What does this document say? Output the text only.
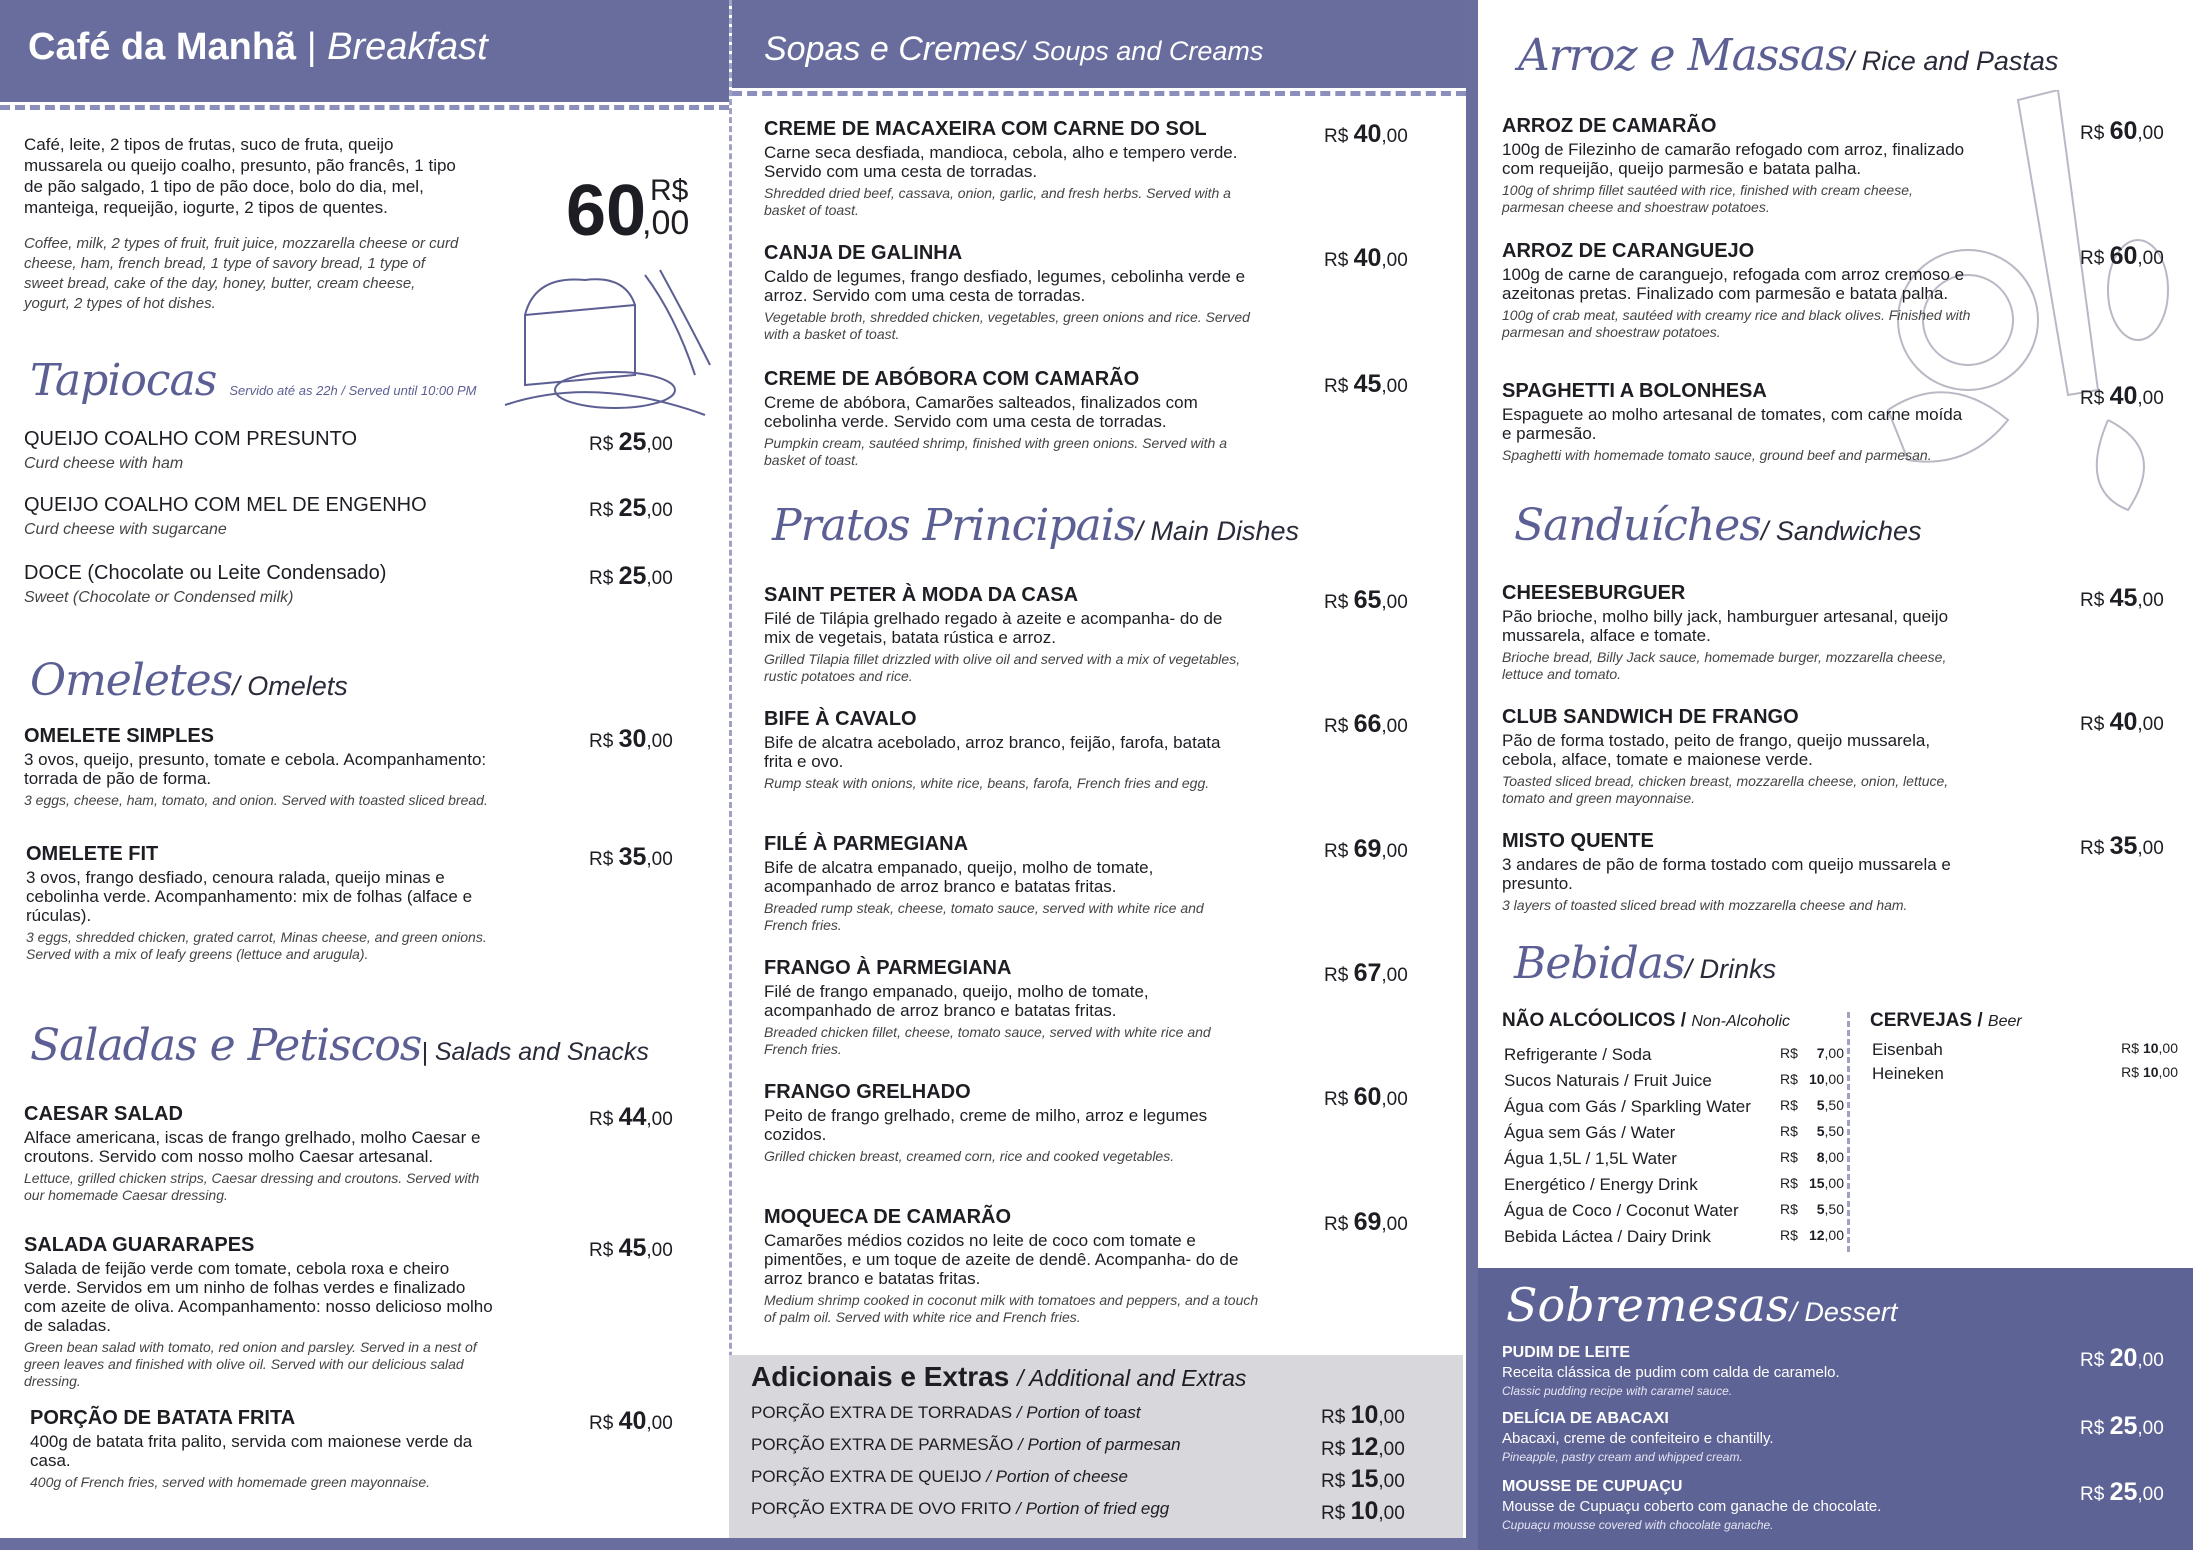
Café da Manhã | Breakfast
Café, leite, 2 tipos de frutas, suco de fruta, queijo mussarela ou queijo coalho, presunto, pão francês, 1 tipo de pão salgado, 1 tipo de pão doce, bolo do dia, mel, manteiga, requeijão, iogurte, 2 tipos de quentes.
Coffee, milk, 2 types of fruit, fruit juice, mozzarella cheese or curd cheese, ham, french bread, 1 type of savory bread, 1 type of sweet bread, cake of the day, honey, butter, cream cheese, yogurt, 2 types of hot dishes.
60 R$
,00
Tapiocas Servido até as 22h / Served until 10:00 PM
QUEIJO COALHO COM PRESUNTO
Curd cheese with ham
R$ 25,00
QUEIJO COALHO COM MEL DE ENGENHO
Curd cheese with sugarcane
R$ 25,00
DOCE (Chocolate ou Leite Condensado)
Sweet (Chocolate or Condensed milk)
R$ 25,00
Omeletes/ Omelets
OMELETE SIMPLES
3 ovos, queijo, presunto, tomate e cebola. Acompanhamento: torrada de pão de forma.
3 eggs, cheese, ham, tomato, and onion. Served with toasted sliced bread.
R$ 30,00
OMELETE FIT
3 ovos, frango desfiado, cenoura ralada, queijo minas e cebolinha verde. Acompanhamento: mix de folhas (alface e rúculas).
3 eggs, shredded chicken, grated carrot, Minas cheese, and green onions. Served with a mix of leafy greens (lettuce and arugula).
R$ 35,00
Saladas e Petiscos| Salads and Snacks
CAESAR SALAD
Alface americana, iscas de frango grelhado, molho Caesar e croutons. Servido com nosso molho Caesar artesanal.
Lettuce, grilled chicken strips, Caesar dressing and croutons. Served with our homemade Caesar dressing.
R$ 44,00
SALADA GUARARAPES
Salada de feijão verde com tomate, cebola roxa e cheiro verde. Servidos em um ninho de folhas verdes e finalizado com azeite de oliva. Acompanhamento: nosso delicioso molho de saladas.
Green bean salad with tomato, red onion and parsley. Served in a nest of green leaves and finished with olive oil. Served with our delicious salad dressing.
R$ 45,00
PORÇÃO DE BATATA FRITA
400g de batata frita palito, servida com maionese verde da casa.
400g of French fries, served with homemade green mayonnaise.
R$ 40,00
Sopas e Cremes/ Soups and Creams
CREME DE MACAXEIRA COM CARNE DO SOL
Carne seca desfiada, mandioca, cebola, alho e tempero verde. Servido com uma cesta de torradas.
Shredded dried beef, cassava, onion, garlic, and fresh herbs. Served with a basket of toast.
R$ 40,00
CANJA DE GALINHA
Caldo de legumes, frango desfiado, legumes, cebolinha verde e arroz. Servido com uma cesta de torradas.
Vegetable broth, shredded chicken, vegetables, green onions and rice. Served with a basket of toast.
R$ 40,00
CREME DE ABÓBORA COM CAMARÃO
Creme de abóbora, Camarões salteados, finalizados com cebolinha verde. Servido com uma cesta de torradas.
Pumpkin cream, sautéed shrimp, finished with green onions. Served with a basket of toast.
R$ 45,00
Pratos Principais/ Main Dishes
SAINT PETER À MODA DA CASA
Filé de Tilápia grelhado regado à azeite e acompanha- do de mix de vegetais, batata rústica e arroz.
Grilled Tilapia fillet drizzled with olive oil and served with a mix of vegetables, rustic potatoes and rice.
R$ 65,00
BIFE À CAVALO
Bife de alcatra acebolado, arroz branco, feijão, farofa, batata frita e ovo.
Rump steak with onions, white rice, beans, farofa, French fries and egg.
R$ 66,00
FILÉ À PARMEGIANA
Bife de alcatra empanado, queijo, molho de tomate, acompanhado de arroz branco e batatas fritas.
Breaded rump steak, cheese, tomato sauce, served with white rice and French fries.
R$ 69,00
FRANGO À PARMEGIANA
Filé de frango empanado, queijo, molho de tomate, acompanhado de arroz branco e batatas fritas.
Breaded chicken fillet, cheese, tomato sauce, served with white rice and French fries.
R$ 67,00
FRANGO GRELHADO
Peito de frango grelhado, creme de milho, arroz e legumes cozidos.
Grilled chicken breast, creamed corn, rice and cooked vegetables.
R$ 60,00
MOQUECA DE CAMARÃO
Camarões médios cozidos no leite de coco com tomate e pimentões, e um toque de azeite de dendê. Acompanha- do de arroz branco e batatas fritas.
Medium shrimp cooked in coconut milk with tomatoes and peppers, and a touch of palm oil. Served with white rice and French fries.
R$ 69,00
Adicionais e Extras / Additional and Extras
PORÇÃO EXTRA DE TORRADAS / Portion of toast	R$ 10,00
PORÇÃO EXTRA DE PARMESÃO / Portion of parmesan	R$ 12,00
PORÇÃO EXTRA DE QUEIJO / Portion of cheese	R$ 15,00
PORÇÃO EXTRA DE OVO FRITO / Portion of fried egg	R$ 10,00
Arroz e Massas/ Rice and Pastas
ARROZ DE CAMARÃO
100g de Filezinho de camarão refogado com arroz, finalizado com requeijão, queijo parmesão e batata palha.
100g of shrimp fillet sautéed with rice, finished with cream cheese, parmesan cheese and shoestraw potatoes.
R$ 60,00
ARROZ DE CARANGUEJO
100g de carne de caranguejo, refogada com arroz cremoso e azeitonas pretas. Finalizado com parmesão e batata palha.
100g of crab meat, sautéed with creamy rice and black olives. Finished with parmesan and shoestraw potatoes.
R$ 60,00
SPAGHETTI A BOLONHESA
Espaguete ao molho artesanal de tomates, com carne moída e parmesão.
Spaghetti with homemade tomato sauce, ground beef and parmesan.
R$ 40,00
Sanduíches/ Sandwiches
CHEESEBURGUER
Pão brioche, molho billy jack, hamburguer artesanal, queijo mussarela, alface e tomate.
Brioche bread, Billy Jack sauce, homemade burger, mozzarella cheese, lettuce and tomato.
R$ 45,00
CLUB SANDWICH DE FRANGO
Pão de forma tostado, peito de frango, queijo mussarela, cebola, alface, tomate e maionese verde.
Toasted sliced bread, chicken breast, mozzarella cheese, onion, lettuce, tomato and green mayonnaise.
R$ 40,00
MISTO QUENTE
3 andares de pão de forma tostado com queijo mussarela e presunto.
3 layers of toasted sliced bread with mozzarella cheese and ham.
R$ 35,00
Bebidas/ Drinks
NÃO ALCÓOLICOS / Non-Alcoholic
Refrigerante / Soda	R$ 7,00
Sucos Naturais / Fruit Juice	R$ 10,00
Água com Gás / Sparkling Water R$ 5,50
Água sem Gás / Water	R$ 5,50
Água 1,5L / 1,5L Water	R$ 8,00
Energético / Energy Drink	R$ 15,00
Água de Coco / Coconut Water	R$ 5,50
Bebida Láctea / Dairy Drink	R$ 12,00
CERVEJAS / Beer
Eisenbah	R$ 10,00
Heineken	R$ 10,00
Sobremesas/ Dessert
PUDIM DE LEITE
Receita clássica de pudim com calda de caramelo.
Classic pudding recipe with caramel sauce.
R$ 20,00
DELÍCIA DE ABACAXI
Abacaxi, creme de confeiteiro e chantilly.
Pineapple, pastry cream and whipped cream.
R$ 25,00
MOUSSE DE CUPUAÇU
Mousse de Cupuaçu coberto com ganache de chocolate.
Cupuaçu mousse covered with chocolate ganache.
R$ 25,00
